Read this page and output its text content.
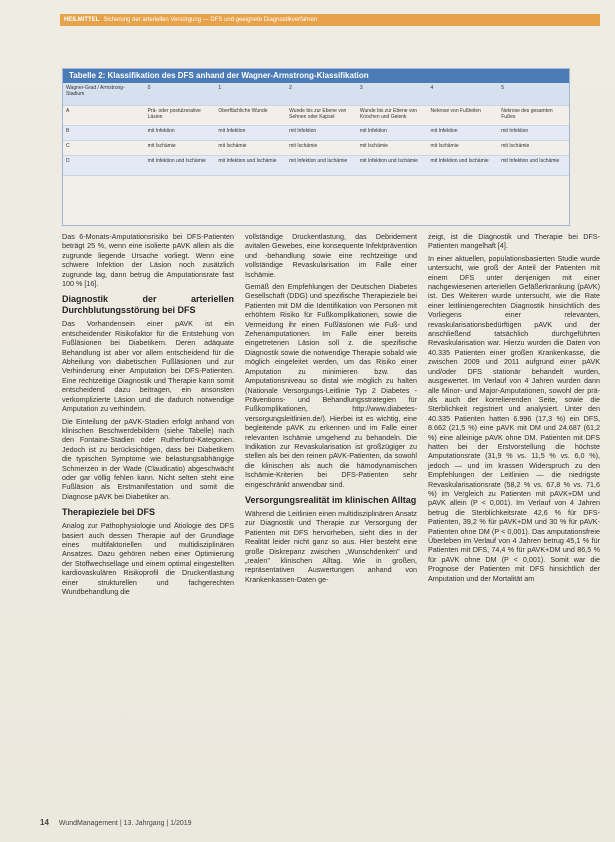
HEILMITTEL Sicherung der arteriellen Versorgung — DFS und geeignete Diagnostikverfahren
Tabelle 2: Klassifikation des DFS anhand der Wagner-Armstrong-Klassifikation
Wagner-Grad / Armstrong-Stadium	0	1	2	3	4	5
A	Prä- oder postulzerative Läsion	Oberflächliche Wunde	Wunde bis zur Ebene von Sehnen oder Kapsel	Wunde bis zur Ebene von Knochen und Gelenk	Nekrose von Fußteilen	Nekrose des gesamten Fußes
B	mit Infektion	mit Infektion	mit Infektion	mit Infektion	mit Infektion	mit Infektion
C	mit Ischämie	mit Ischämie	mit Ischämie	mit Ischämie	mit Ischämie	mit Ischämie
D	mit Infektion und Ischämie	mit Infektion und Ischämie	mit Infektion und Ischämie	mit Infektion und Ischämie	mit Infektion und Ischämie	mit Infektion und Ischämie

Das 6-Monats-Amputationsrisiko bei DFS-Patienten beträgt 25 %, wenn eine isolierte pAVK allein als die zugrunde liegende Ursache vorliegt. Wenn eine schwere Infektion der Läsion noch zusätzlich zugrunde lag, dann betrug die Amputationsrate fast 100 % [16].

Diagnostik der arteriellen Durchblutungsstörung bei DFS

Das Vorhandensein einer pAVK ist ein entscheidender Risikofaktor für die Entstehung von Fußläsionen bei Diabetikern. Deren adäquate Behandlung ist aber vor allem entscheidend für die Abheilung von diabetischen Fußläsionen und zur Verhinderung einer Amputation bei DFS-Patienten. Eine rechtzeitige Diagnostik und Therapie kann somit entscheidend dazu beitragen, ein ansonsten verkomplizierte Läsion und die dadurch notwendige Amputation zu verhindern.

Die Einteilung der pAVK-Stadien erfolgt anhand von klinischen Beschwerdebildern (siehe Tabelle) nach den Fontaine-Stadien oder Rutherford-Kategorien. Jedoch ist zu berücksichtigen, dass bei Diabetikern die typischen Symptome wie belastungsabhängige Schmerzen in der Wade (Claudicatio) abgeschwächt oder gar völlig fehlen kann. Nicht selten steht eine Fußläsion als Erstmanifestation und somit die Diagnose pAVK bei Diabetiker an.

Therapieziele bei DFS

Analog zur Pathophysiologie und Ätiologie des DFS basiert auch dessen Therapie auf der Grundlage eines multifaktoriellen und multidisziplinären Ansatzes. Dazu gehören neben einer Optimierung der Stoffwechsellage und einem optimal eingestellten kardiovaskulären Risikoprofil die Druckentlastung einer strukturellen und fachgerechten Wundbehandlung die

vollständige Druckentlastung, das Debridement avitalen Gewebes, eine konsequente Infektprävention und -behandlung sowie eine rechtzeitige und vollständige Revaskularisation im Falle einer Ischämie.

Gemäß den Empfehlungen der Deutschen Diabetes Gesellschaft (DDG) und spezifische Therapieziele bei Patienten mit DM die Identifikation von Personen mit erhöhtem Risiko für Fußkomplikationen, sowie die Vermeidung ihr einen Fußläsionen wie Fuß- und Zehenamputationen. Im Falle einer bereits eingetretenen Läsion soll z. die spezifische Diagnostik sowie die notwendige Therapie sobald wie möglich eingeleitet werden, um das Risiko einer Amputation zu minimieren bzw. das Amputationsniveau so distal wie möglich zu halten (Nationale Versorgungs-Leitlinie Typ 2 Diabetes - Präventions- und Behandlungsstrategien für Fußkomplikationen, http://www.diabetes-versorgungsleitlinien.de/). Hierbei ist es wichtig, eine begleitende pAVK zu erkennen und im Falle einer relevanten Ischämie umgehend zu behandeln. Die Indikation zur Revaskularisation ist großzügiger zu stellen als bei den reinen pAVK-Patienten, da sowohl die klinischen als auch die hämodynamischen Ischämie-Kriterien bei DFS-Patienten sehr eingeschränkt anwendbar sind.

Versorgungsrealität im klinischen Alltag

Während die Leitlinien einen multidisziplinären Ansatz zur Diagnostik und Therapie zur Versorgung der Patienten mit DFS hervorheben, sieht dies in der Realität leider nicht ganz so aus. Hier besteht eine große Diskrepanz zwischen „Wunschdenken" und „realen" klinischen Alltag. Wie in großen, repräsentativen Auswertungen anhand von Krankenkassen-Daten ge-

zeigt, ist die Diagnostik und Therapie bei DFS-Patienten mangelhaft [4].

In einer aktuellen, populationsbasierten Studie wurde untersucht, wie groß der Anteil der Patienten mit einem DFS unter denjenigen mit einer nachgewiesenen arteriellen Gefäßerkrankung (pAVK) ist. Des Weiteren wurde untersucht, wie die Rate einer leitliniengerechten Diagnostik hinsichtlich des Vorliegens einer relevanten, revaskularisationsbedürftigen pAVK und der anschließend tatsächlich durchgeführten Revaskularisation war. Hierzu wurden die Daten von 40.335 Patienten einer großen Krankenkasse, die zwischen 2009 und 2011 aufgrund einer pAVK und/oder DFS stationär behandelt wurden, ausgewertet. Im Verlauf von 4 Jahren wurden dann alle Minor- und Major-Amputationen, sowohl der prä- als auch der korrelierenden Seite, sowie die Sterblichkeit registriert und analysiert. Unter den 40.335 Patienten hatten 6.996 (17,3 %) ein DFS, 8.662 (21,5 %) eine pAVK mit DM und 24.687 (61,2 %) eine alleinige pAVK ohne DM. Patienten mit DFS hatten bei der Erstvorstellung die höchste Amputationsrate (31,9 % vs. 11,5 % vs. 6,0 %), jedoch — und im krassen Widerspruch zu den Empfehlungen der Leitlinien — die niedrigste Revaskularisationsrate (58,2 % vs. 67,8 % vs. 71,6 %) im Vergleich zu Patienten mit pAVK+DM und pAVK allein (P < 0,001). Im Verlauf von 4 Jahren betrug die Sterblichkeitsrate 42,6 % für DFS-Patienten, 39,2 % für pAVK+DM und 30 % für pAVK-Patienten ohne DM (P < 0,001). Das amputationsfreie Überleben im Verlauf von 4 Jahren betrug 45,1 % für Patienten mit DFS, 74,4 % für pAVK+DM und 86,5 % für pAVK ohne DM (P < 0,001). Somit war die Prognose der Patienten mit DFS hinsichtlich der Amputation und der Mortalität am

14 WundManagement | 13. Jahrgang | 1/2019
